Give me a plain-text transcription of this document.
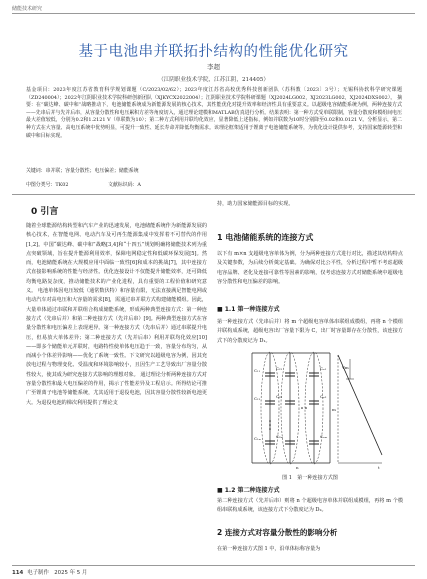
储能技术研究
基于电池串并联拓扑结构的性能优化研究
李超
（江阴职业技术学院，江苏江阴，214405）
基金项目：2023年度江苏省教育科学规划课题（C/2023/02/62）；2023年度江苏省高校优秀科技创新团队（苏科教〔2023〕3号）；无锡科协软科学研究课题（ZD240004）；2022年江阴职业技术学院科研创新团队（XJKYCX2022004）；江阴职业技术学院科研课题（XJ2024LG002，XJ2023LG002，XJ2024DXS002）。 摘要：在“碳达峰、碳中和”战略推动下，电池储能系统成为新能源发展的核心技术，其性能优化对提升效率和经济性具有重要意义。以超级电容储能系统为例，两种连接方式——先串后并与先并后串，从容量分散性和电压累积方差等角度切入，通过理论建模和MATLAB仿真进行分析。结果表明：第一种方式受单联限制，容量分散度和模组间电压最大差值较低，分别为0.2和1.2121 V（单联数为10）；第二种方式利用并联均化效应，显著降低上述指标，例如并联数为10时分别降至0.02和0.0121 V。分析显示，第二种方式在大容量、高电压系统中优势明显，可提升一致性、延长寿命并降低均衡需求。该理论框架适用于锂离子电池储能系统等，为优化设计提供参考，支持国家能源转型和碳中和目标实现。
关键词：串并联；容量分散性；电压偏差；储能系统
中图分类号：TK02	文献标识码：A
0 引言
随着全球能源结构转型和汽车产业的迅速发展，电池储能系统作为新能源发展的核心技术，在智能电网、电动汽车及可再生能源集成中发挥着不可替代的作用[1,2]。中国“碳达峰、碳中和”战略[3,4]和“十四五”规划明确将储能技术列为重点突破领域，旨在提升能源利用效率，保障电网稳定性和低碳环保发展[5]。然而，电池储能系统在大规模应用中面临一致性[6]和成本的挑战[7]，其中连接方式直接影响系统的性能与经济性。优化连接设计不仅能提升储能效率，还可降低均衡电路复杂度，推动储能技术的产业化进程，具有重要的工程价值和研究意义。 电池单体因电压较低（通常数伏特）和容量有限，无法直接满足智能电网或电动汽车对高电压和大容量的需求[8]，需通过串并联方式构建储能模组。因此，大量单体通过串联和并联组合构成储能系统，形成两种典型连接方式：第一种连接方式（先串后并）和第二种连接方式（先并后串）[9]。两种典型连接方式在容量分散性和电压偏差上表现迥异。第一种连接方式（先串后并）通过串联提升电压，但易放大单体差异；第二种连接方式（先并后串）利用并联均化效应[10]——即多个储能单元并联时，电路特性使单体电压趋于一致，容量分布均匀，从而减小个体差异影响——优化了系统一致性。下文研究以超级电容为例，因其充放电过程与物理变化、受温度和环境影响较小，且因生产工艺导致出厂容量分散性较大，使其成为研究连接方式影响的理想对象。 通过理论分析两种连接方式对容量分散性和最大电压偏差的作用，揭示了性能差异及工程启示。所得结论可推广至锂离子电池等储能系统，尤其适用于退役电池，因其容量分散性较新电池更大。为退役电池的梯次利用提供了理论支
持，助力国家储能源目标的实现。
1 电池储能系统的连接方式
以下有 m×n 支超级电容单体为例，分为两种连接方式进行对比，描述其结构特点及关键参数，为后续分析奠定基础。为确保对比公平性，分析过程中暂不考虑超级电容品牌、老化及连接可靠性等因素的影响，仅考虑连接方式对储能系统中超级电容分散性和电压偏差的影响。
■ 1.1 第一种连接方式
第一种连接方式（先串后并）将 m 个超级电容单体串联组成模组，再将 n 个模组并联构成系统，超级电容出厂容量下限为 C，出厂时容量即存在分散性，该连接方式下的分散度记为 D₁。
C₁₁
C₁₂
C₁ₘ
C₂₁
C₂₂
C₂ₘ
Cₙ₁
Cₙ₂
Cₙₘ
Vm
m
n	t
图 1　第一种连接方式图
■ 1.2 第二种连接方式
第二种连接方式（先并后串）则将 n 个超级电容单体并联组成模组，再将 m 个模组串联构成系统，该连接方式下分散度记为 D₂。
2 连接方式对容量分散性的影响分析
在第一种连接方式图 1 中，沿单体标称容量为
114 电子制作　2025 年 5 月
